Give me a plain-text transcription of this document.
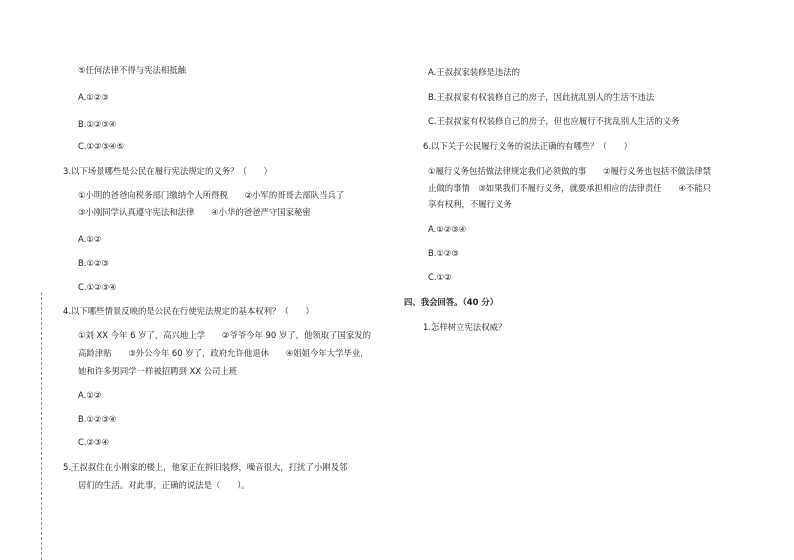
⑤任何法律不得与宪法相抵触
A.①②③
B.①②③④
C.①②③④⑤
3.以下场景哪些是公民在履行宪法规定的义务？（　　）
①小明的爸爸向税务部门缴纳个人所得税　　②小军的哥哥去部队当兵了
③小刚同学认真遵守宪法和法律　　④小华的爸爸严守国家秘密
A.①②
B.①②③
C.①②③④
4.以下哪些情景反映的是公民在行使宪法规定的基本权利？（　　）
①刘 XX 今年 6 岁了，高兴地上学　　②爷爷今年 90 岁了，他领取了国家发的
高龄津贴　　③外公今年 60 岁了，政府允许他退休　　④姐姐今年大学毕业，
她和许多男同学一样被招聘到 XX 公司上班
A.①②
B.①②③④
C.②③④
5.王叔叔住在小刚家的楼上，他家正在拆旧装修，噪音很大，打扰了小刚及邻
居们的生活。对此事，正确的说法是（　　）。
A.王叔叔家装修是违法的
B.王叔叔家有权装修自己的房子，因此扰乱别人的生活不违法
C.王叔叔家有权装修自己的房子，但也应履行不扰乱别人生活的义务
6.以下关于公民履行义务的说法正确的有哪些？（　　）
①履行义务包括做法律规定我们必须做的事　　②履行义务也包括不做法律禁
止做的事情　③如果我们不履行义务，就要承担相应的法律责任　　④不能只
享有权利，不履行义务
A.①②③④
B.①②③
C.①②
四、我会回答。（40 分）
1.怎样树立宪法权威？
